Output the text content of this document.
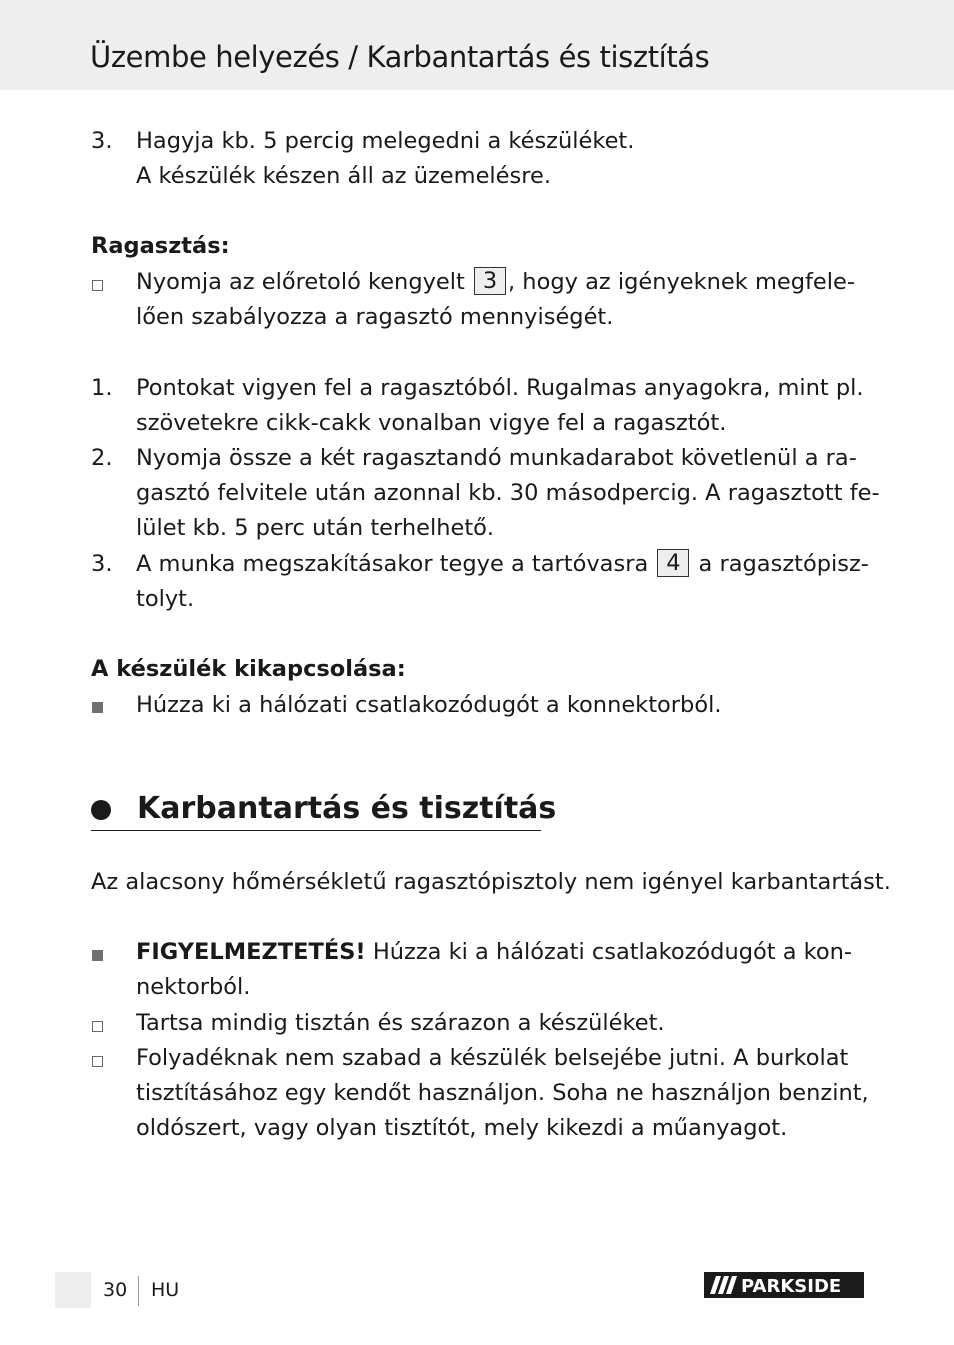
Üzembe helyezés / Karbantartás és tisztítás
3. Hagyja kb. 5 percig melegedni a készüléket.
A készülék készen áll az üzemelésre.
Ragasztás:
Nyomja az előretoló kengyelt 3 , hogy az igényeknek megfele-
lően szabályozza a ragasztó mennyiségét.
1. Pontokat vigyen fel a ragasztóból. Rugalmas anyagokra, mint pl.
szövetekre cikk-cakk vonalban vigye fel a ragasztót.
2. Nyomja össze a két ragasztandó munkadarabot követlenül a ra-
gasztó felvitele után azonnal kb. 30 másodpercig. A ragasztott fe-
lület kb. 5 perc után terhelhető.
3. A munka megszakításakor tegye a tartóvasra 4 a ragasztópisz-
tolyt.
A készülék kikapcsolása:
Húzza ki a hálózati csatlakozódugót a konnektorból.
Karbantartás és tisztítás
Az alacsony hőmérsékletű ragasztópisztoly nem igényel karbantartást.
FIGYELMEZTETÉS! Húzza ki a hálózati csatlakozódugót a kon-
nektorból.
Tartsa mindig tisztán és szárazon a készüléket.
Folyadéknak nem szabad a készülék belsejébe jutni. A burkolat
tisztításához egy kendőt használjon. Soha ne használjon benzint,
oldószert, vagy olyan tisztítót, mely kikezdi a műanyagot.
30 HU	PARKSIDE
